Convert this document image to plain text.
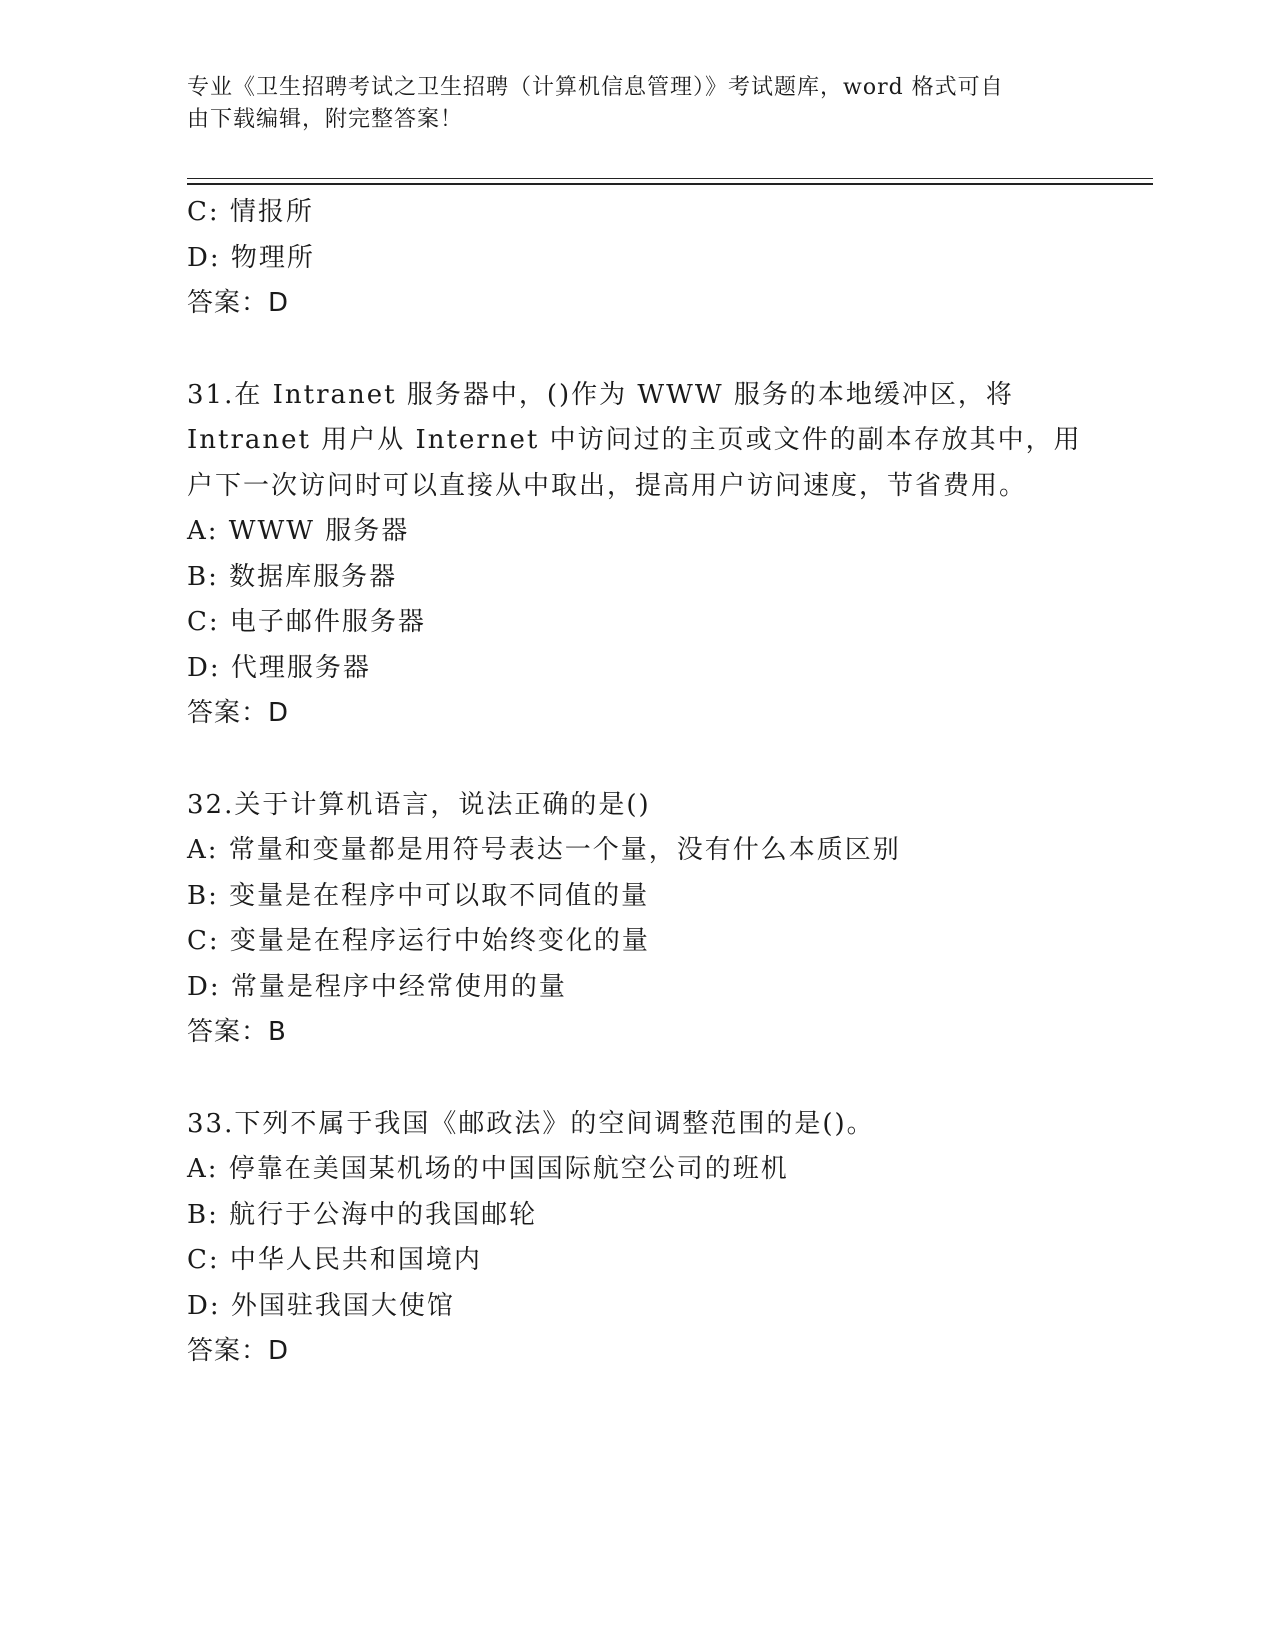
专业《卫生招聘考试之卫生招聘（计算机信息管理）》考试题库，word 格式可自
由下载编辑，附完整答案！
C: 情报所
D: 物理所
答案：D
31.在 Intranet 服务器中，()作为 WWW 服务的本地缓冲区，将
Intranet 用户从 Internet 中访问过的主页或文件的副本存放其中，用
户下一次访问时可以直接从中取出，提高用户访问速度，节省费用。
A: WWW 服务器
B: 数据库服务器
C: 电子邮件服务器
D: 代理服务器
答案：D
32.关于计算机语言，说法正确的是()
A: 常量和变量都是用符号表达一个量，没有什么本质区别
B: 变量是在程序中可以取不同值的量
C: 变量是在程序运行中始终变化的量
D: 常量是程序中经常使用的量
答案：B
33.下列不属于我国《邮政法》的空间调整范围的是()。
A: 停靠在美国某机场的中国国际航空公司的班机
B: 航行于公海中的我国邮轮
C: 中华人民共和国境内
D: 外国驻我国大使馆
答案：D
